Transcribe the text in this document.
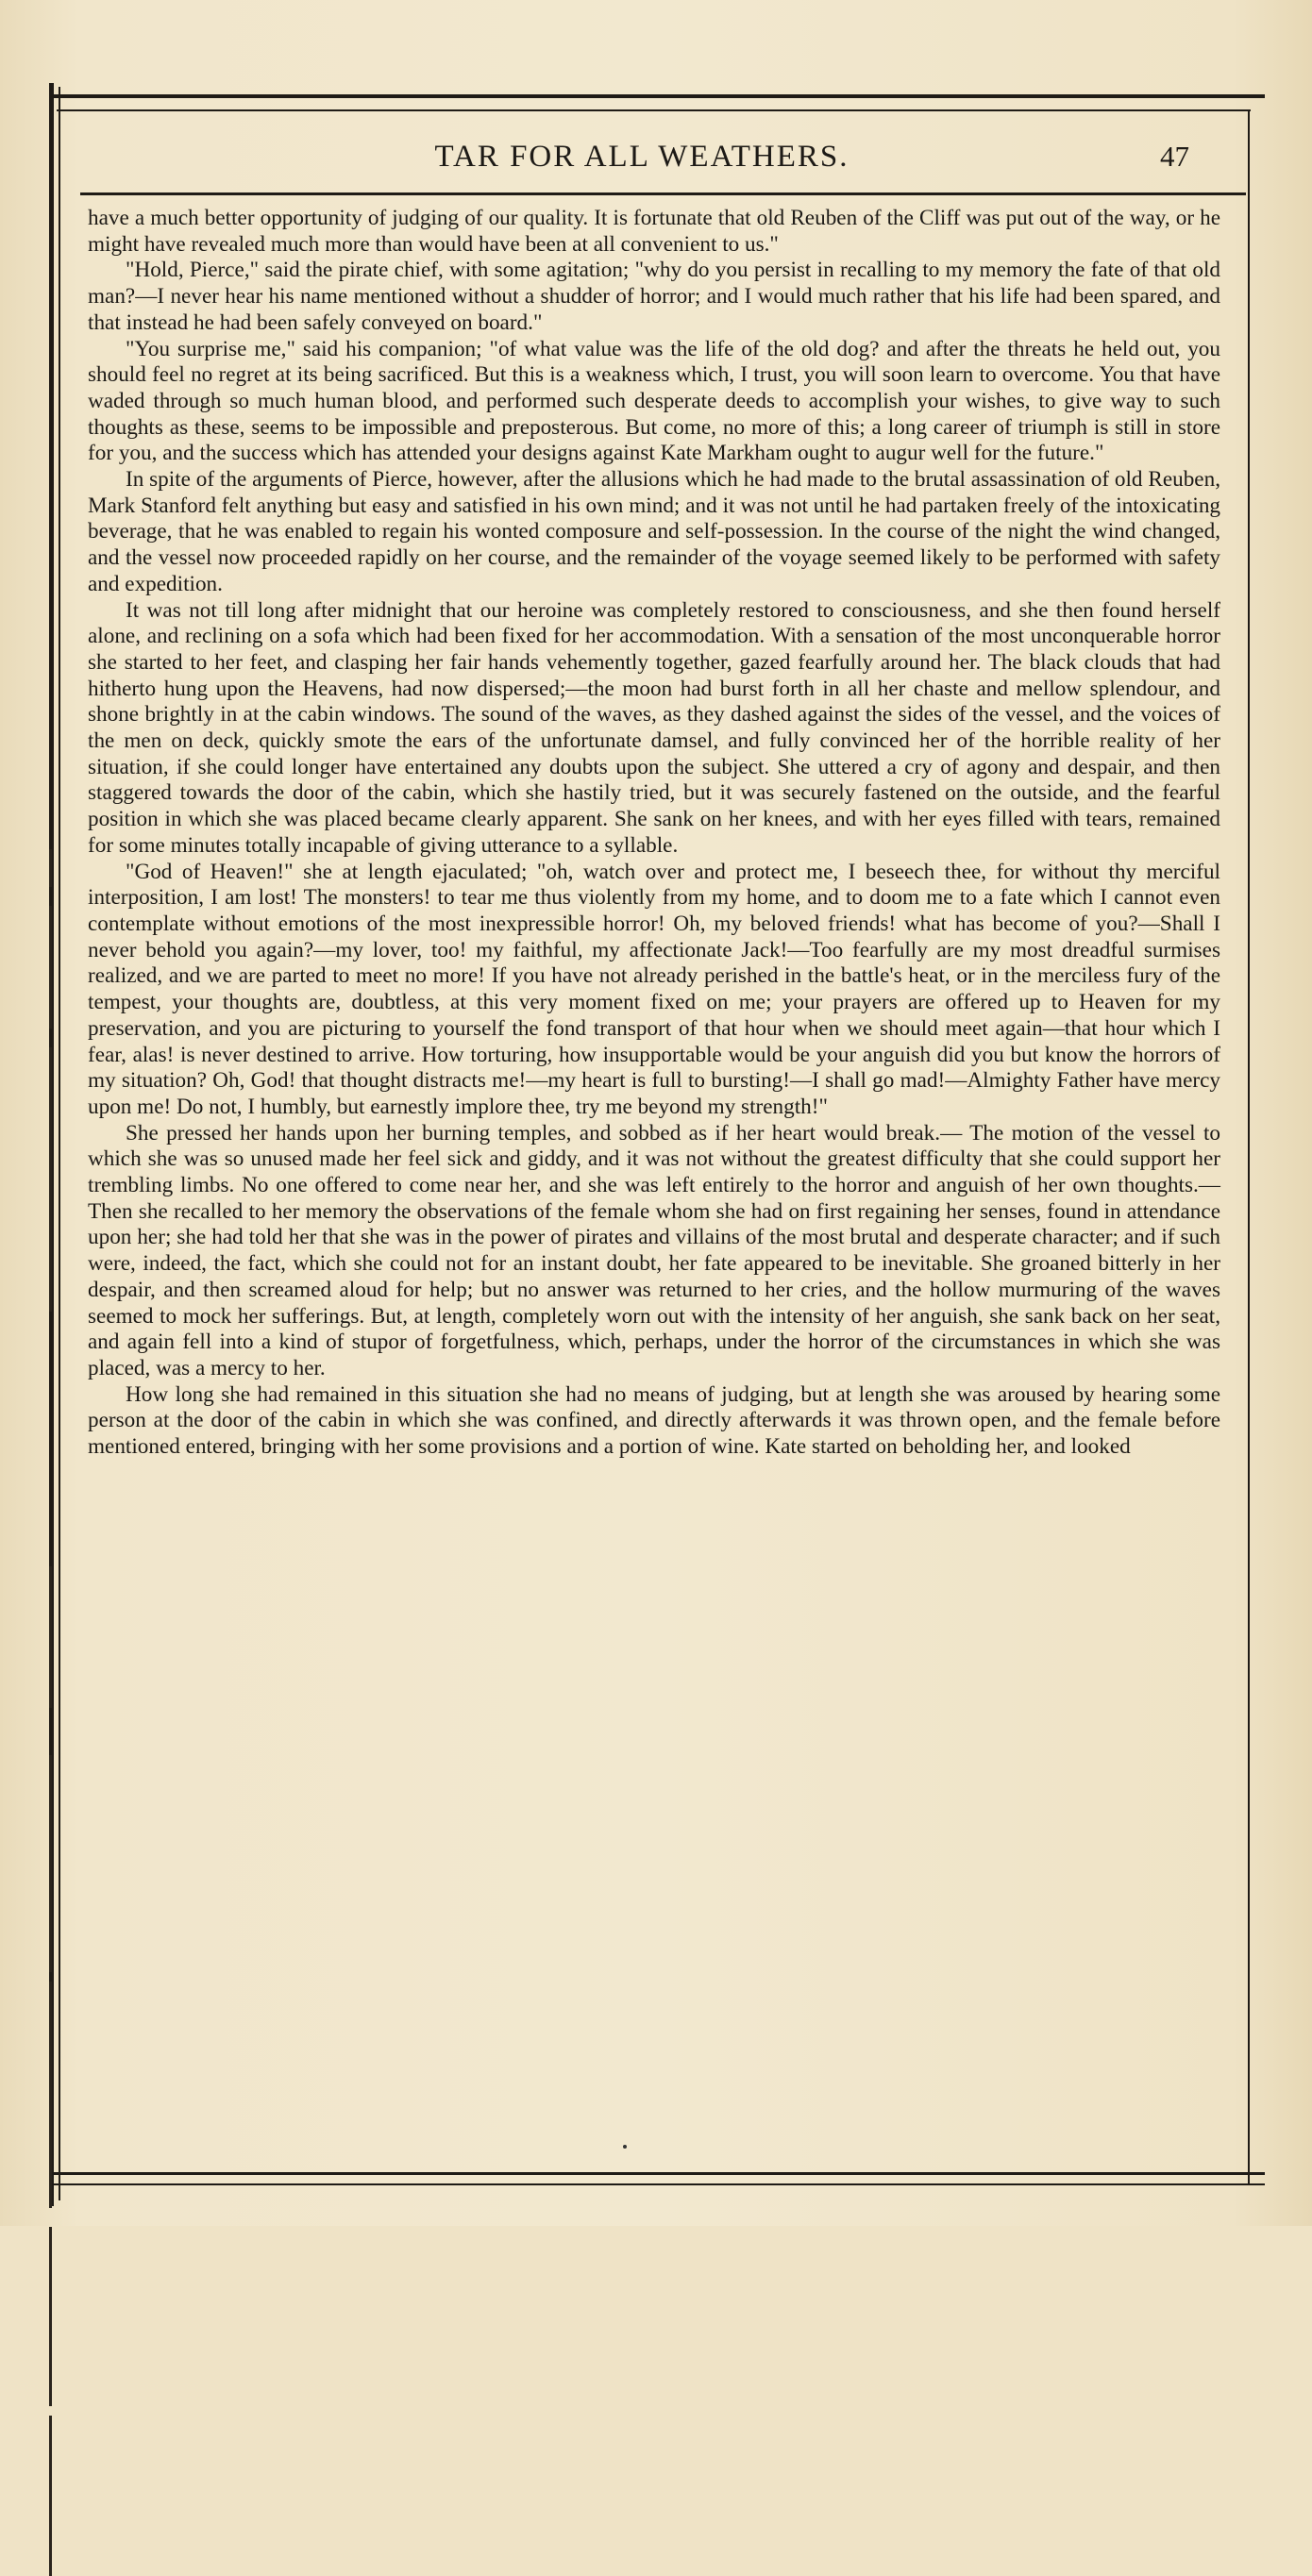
TAR FOR ALL WEATHERS.	47

have a much better opportunity of judging of our quality. It is fortunate that old Reuben of the Cliff was put out of the way, or he might have revealed much more than would have been at all convenient to us."

"Hold, Pierce," said the pirate chief, with some agitation; "why do you persist in recalling to my memory the fate of that old man?—I never hear his name mentioned without a shudder of horror; and I would much rather that his life had been spared, and that instead he had been safely conveyed on board."

"You surprise me," said his companion; "of what value was the life of the old dog? and after the threats he held out, you should feel no regret at its being sacrificed. But this is a weakness which, I trust, you will soon learn to overcome. You that have waded through so much human blood, and performed such desperate deeds to accomplish your wishes, to give way to such thoughts as these, seems to be impossible and preposterous. But come, no more of this; a long career of triumph is still in store for you, and the success which has attended your designs against Kate Markham ought to augur well for the future."

In spite of the arguments of Pierce, however, after the allusions which he had made to the brutal assassination of old Reuben, Mark Stanford felt anything but easy and satisfied in his own mind; and it was not until he had partaken freely of the intoxicating beverage, that he was enabled to regain his wonted composure and self-possession. In the course of the night the wind changed, and the vessel now proceeded rapidly on her course, and the remainder of the voyage seemed likely to be performed with safety and expedition.

It was not till long after midnight that our heroine was completely restored to consciousness, and she then found herself alone, and reclining on a sofa which had been fixed for her accommodation. With a sensation of the most unconquerable horror she started to her feet, and clasping her fair hands vehemently together, gazed fearfully around her. The black clouds that had hitherto hung upon the Heavens, had now dispersed;—the moon had burst forth in all her chaste and mellow splendour, and shone brightly in at the cabin windows. The sound of the waves, as they dashed against the sides of the vessel, and the voices of the men on deck, quickly smote the ears of the unfortunate damsel, and fully convinced her of the horrible reality of her situation, if she could longer have entertained any doubts upon the subject. She uttered a cry of agony and despair, and then staggered towards the door of the cabin, which she hastily tried, but it was securely fastened on the outside, and the fearful position in which she was placed became clearly apparent. She sank on her knees, and with her eyes filled with tears, remained for some minutes totally incapable of giving utterance to a syllable.

"God of Heaven!" she at length ejaculated; "oh, watch over and protect me, I beseech thee, for without thy merciful interposition, I am lost! The monsters! to tear me thus violently from my home, and to doom me to a fate which I cannot even contemplate without emotions of the most inexpressible horror! Oh, my beloved friends! what has become of you?—Shall I never behold you again?—my lover, too! my faithful, my affectionate Jack!—Too fearfully are my most dreadful surmises realized, and we are parted to meet no more! If you have not already perished in the battle's heat, or in the merciless fury of the tempest, your thoughts are, doubtless, at this very moment fixed on me; your prayers are offered up to Heaven for my preservation, and you are picturing to yourself the fond transport of that hour when we should meet again—that hour which I fear, alas! is never destined to arrive. How torturing, how insupportable would be your anguish did you but know the horrors of my situation? Oh, God! that thought distracts me!—my heart is full to bursting!—I shall go mad!—Almighty Father have mercy upon me! Do not, I humbly, but earnestly implore thee, try me beyond my strength!"

She pressed her hands upon her burning temples, and sobbed as if her heart would break.— The motion of the vessel to which she was so unused made her feel sick and giddy, and it was not without the greatest difficulty that she could support her trembling limbs. No one offered to come near her, and she was left entirely to the horror and anguish of her own thoughts.— Then she recalled to her memory the observations of the female whom she had on first regaining her senses, found in attendance upon her; she had told her that she was in the power of pirates and villains of the most brutal and desperate character; and if such were, indeed, the fact, which she could not for an instant doubt, her fate appeared to be inevitable. She groaned bitterly in her despair, and then screamed aloud for help; but no answer was returned to her cries, and the hollow murmuring of the waves seemed to mock her sufferings. But, at length, completely worn out with the intensity of her anguish, she sank back on her seat, and again fell into a kind of stupor of forgetfulness, which, perhaps, under the horror of the circumstances in which she was placed, was a mercy to her.

How long she had remained in this situation she had no means of judging, but at length she was aroused by hearing some person at the door of the cabin in which she was confined, and directly afterwards it was thrown open, and the female before mentioned entered, bringing with her some provisions and a portion of wine. Kate started on beholding her, and looked
